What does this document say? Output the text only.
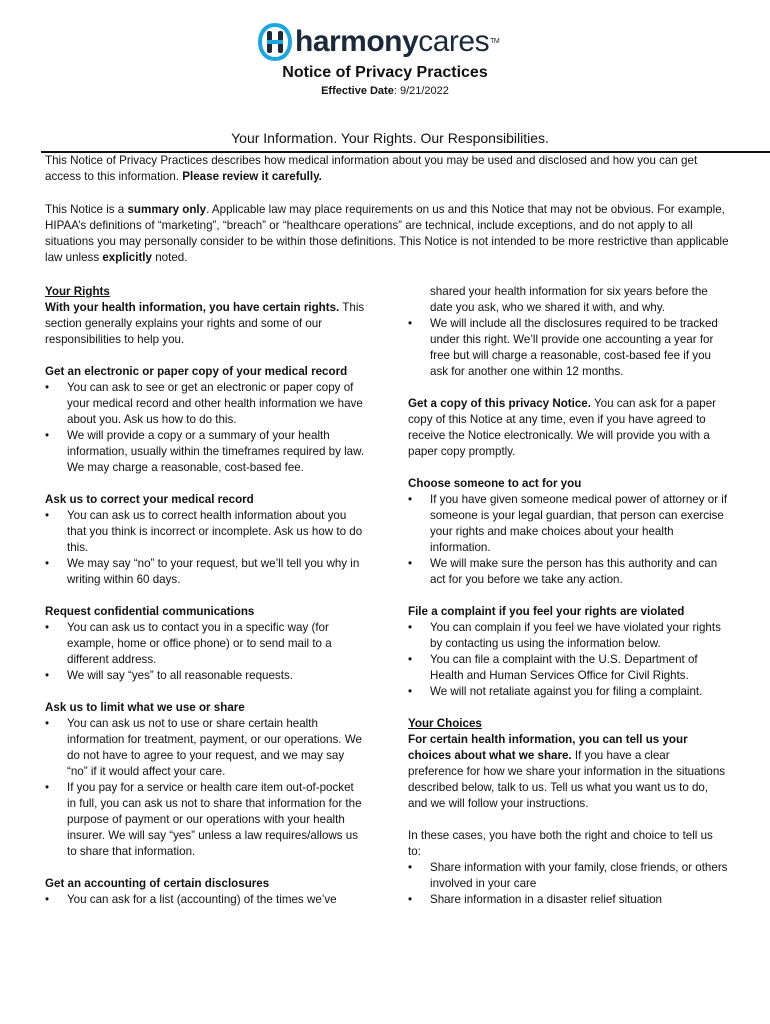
harmonycaresTM
Notice of Privacy Practices
Effective Date: 9/21/2022
Your Information. Your Rights. Our Responsibilities.

This Notice of Privacy Practices describes how medical information about you may be used and disclosed and how you can get access to this information. Please review it carefully.

This Notice is a summary only. Applicable law may place requirements on us and this Notice that may not be obvious. For example, HIPAA’s definitions of “marketing”, “breach” or “healthcare operations” are technical, include exceptions, and do not apply to all situations you may personally consider to be within those definitions. This Notice is not intended to be more restrictive than applicable law unless explicitly noted.

Your Rights

With your health information, you have certain rights. This section generally explains your rights and some of our responsibilities to help you.

Get an electronic or paper copy of your medical record

• You can ask to see or get an electronic or paper copy of your medical record and other health information we have about you. Ask us how to do this.
• We will provide a copy or a summary of your health information, usually within the timeframes required by law. We may charge a reasonable, cost-based fee.

Ask us to correct your medical record

• You can ask us to correct health information about you that you think is incorrect or incomplete. Ask us how to do this.
• We may say “no” to your request, but we’ll tell you why in writing within 60 days.

Request confidential communications

• You can ask us to contact you in a specific way (for example, home or office phone) or to send mail to a different address.
• We will say “yes” to all reasonable requests.

Ask us to limit what we use or share

• You can ask us not to use or share certain health information for treatment, payment, or our operations. We do not have to agree to your request, and we may say “no” if it would affect your care.
• If you pay for a service or health care item out-of-pocket in full, you can ask us not to share that information for the purpose of payment or our operations with your health insurer. We will say “yes” unless a law requires/allows us to share that information.

Get an accounting of certain disclosures

• You can ask for a list (accounting) of the times we’ve

shared your health information for six years before the date you ask, who we shared it with, and why.

• We will include all the disclosures required to be tracked under this right. We’ll provide one accounting a year for free but will charge a reasonable, cost-based fee if you ask for another one within 12 months.

Get a copy of this privacy Notice. You can ask for a paper copy of this Notice at any time, even if you have agreed to receive the Notice electronically. We will provide you with a paper copy promptly.

Choose someone to act for you

• If you have given someone medical power of attorney or if someone is your legal guardian, that person can exercise your rights and make choices about your health information.
• We will make sure the person has this authority and can act for you before we take any action.

File a complaint if you feel your rights are violated

• You can complain if you feel we have violated your rights by contacting us using the information below.
• You can file a complaint with the U.S. Department of Health and Human Services Office for Civil Rights.
• We will not retaliate against you for filing a complaint.

Your Choices

For certain health information, you can tell us your choices about what we share. If you have a clear preference for how we share your information in the situations described below, talk to us. Tell us what you want us to do, and we will follow your instructions.

In these cases, you have both the right and choice to tell us to:

• Share information with your family, close friends, or others involved in your care
• Share information in a disaster relief situation
